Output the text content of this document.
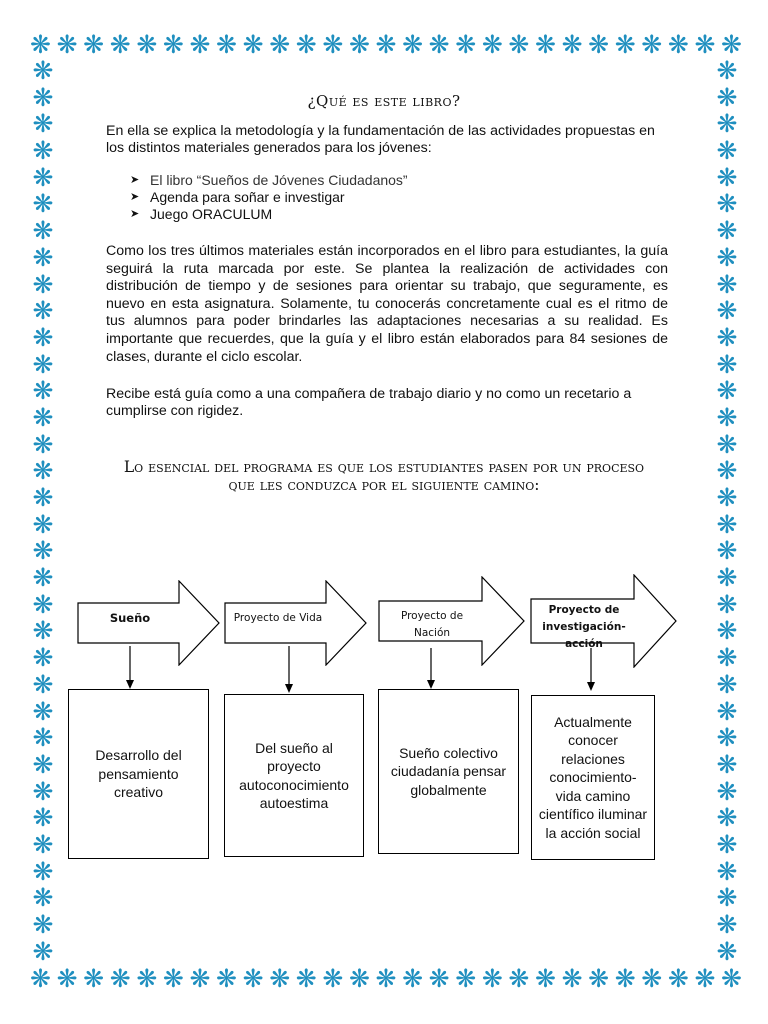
❋ ❋ ❋ ❋ ❋ ❋ ❋ ❋ ❋ ❋ ❋ ❋ ❋ ❋ ❋ ❋ ❋ ❋ ❋ ❋ ❋ ❋ ❋ ❋ ❋ ❋ ❋
❋ ❋ ❋ ❋ ❋ ❋ ❋ ❋ ❋ ❋ ❋ ❋ ❋ ❋ ❋ ❋ ❋ ❋ ❋ ❋ ❋ ❋ ❋ ❋ ❋ ❋ ❋
❋
❋
❋
❋
❋
❋
❋
❋
❋
❋
❋
❋
❋
❋
❋
❋
❋
❋
❋
❋
❋
❋
❋
❋
❋
❋
❋
❋
❋
❋
❋
❋
❋
❋
❋
❋
❋
❋
❋
❋
❋
❋
❋
❋
❋
❋
❋
❋
❋
❋
❋
❋
❋
❋
❋
❋
❋
❋
❋
❋
❋
❋
❋
❋
❋
❋
❋
❋
¿Qué es este libro?

En ella se explica la metodología y la fundamentación de las actividades propuestas en los distintos materiales generados para los jóvenes:

➤ El libro “Sueños de Jóvenes Ciudadanos”
➤ Agenda para soñar e investigar
➤ Juego ORACULUM

Como los tres últimos materiales están incorporados en el libro para estudiantes, la guía seguirá la ruta marcada por este. Se plantea la realización de actividades con distribución de tiempo y de sesiones para orientar su trabajo, que seguramente, es nuevo en esta asignatura. Solamente, tu conocerás concretamente cual es el ritmo de tus alumnos para poder brindarles las adaptaciones necesarias a su realidad. Es importante que recuerdes, que la guía y el libro están elaborados para 84 sesiones de clases, durante el ciclo escolar.

Recibe está guía como a una compañera de trabajo diario y no como un recetario a cumplirse con rigidez.

Lo esencial del programa es que los estudiantes pasen por un proceso que les conduzca por el siguiente camino:
Sueño	Proyecto de Vida	Proyecto de Nación
Proyecto de investigación-acción
Desarrollo del pensamiento creativo
Del sueño al proyecto autoconocimiento autoestima
Sueño colectivo ciudadanía pensar globalmente
Actualmente conocer relaciones conocimiento-vida camino científico iluminar la acción social
